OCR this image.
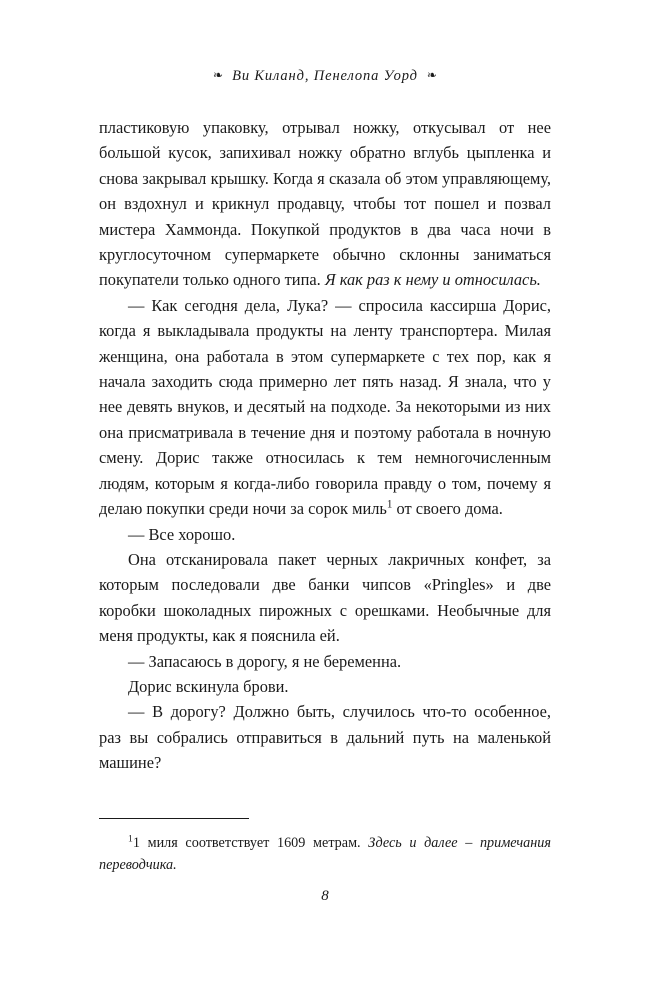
❧ Ви Киланд, Пенелопа Уорд ❧

пластиковую упаковку, отрывал ножку, откусывал от нее большой кусок, запихивал ножку обратно вглубь цыпленка и снова закрывал крышку. Когда я сказала об этом управляющему, он вздохнул и крикнул продавцу, чтобы тот пошел и позвал мистера Хаммонда. Покупкой продуктов в два часа ночи в круглосуточном супермаркете обычно склонны заниматься покупатели только одного типа. Я как раз к нему и относилась.

— Как сегодня дела, Лука? — спросила кассирша Дорис, когда я выкладывала продукты на ленту транспортера. Милая женщина, она работала в этом супермаркете с тех пор, как я начала заходить сюда примерно лет пять назад. Я знала, что у нее девять внуков, и десятый на подходе. За некоторыми из них она присматривала в течение дня и поэтому работала в ночную смену. Дорис также относилась к тем немногочисленным людям, которым я когда-либо говорила правду о том, почему я делаю покупки среди ночи за сорок миль$^1$ от своего дома.

— Все хорошо.

Она отсканировала пакет черных лакричных конфет, за которым последовали две банки чипсов «Pringles» и две коробки шоколадных пирожных с орешками. Необычные для меня продукты, как я пояснила ей.

— Запасаюсь в дорогу, я не беременна.

Дорис вскинула брови.

— В дорогу? Должно быть, случилось что-то особенное, раз вы собрались отправиться в дальний путь на маленькой машине?

$^1$1 миля соответствует 1609 метрам. Здесь и далее – примечания переводчика.

8
